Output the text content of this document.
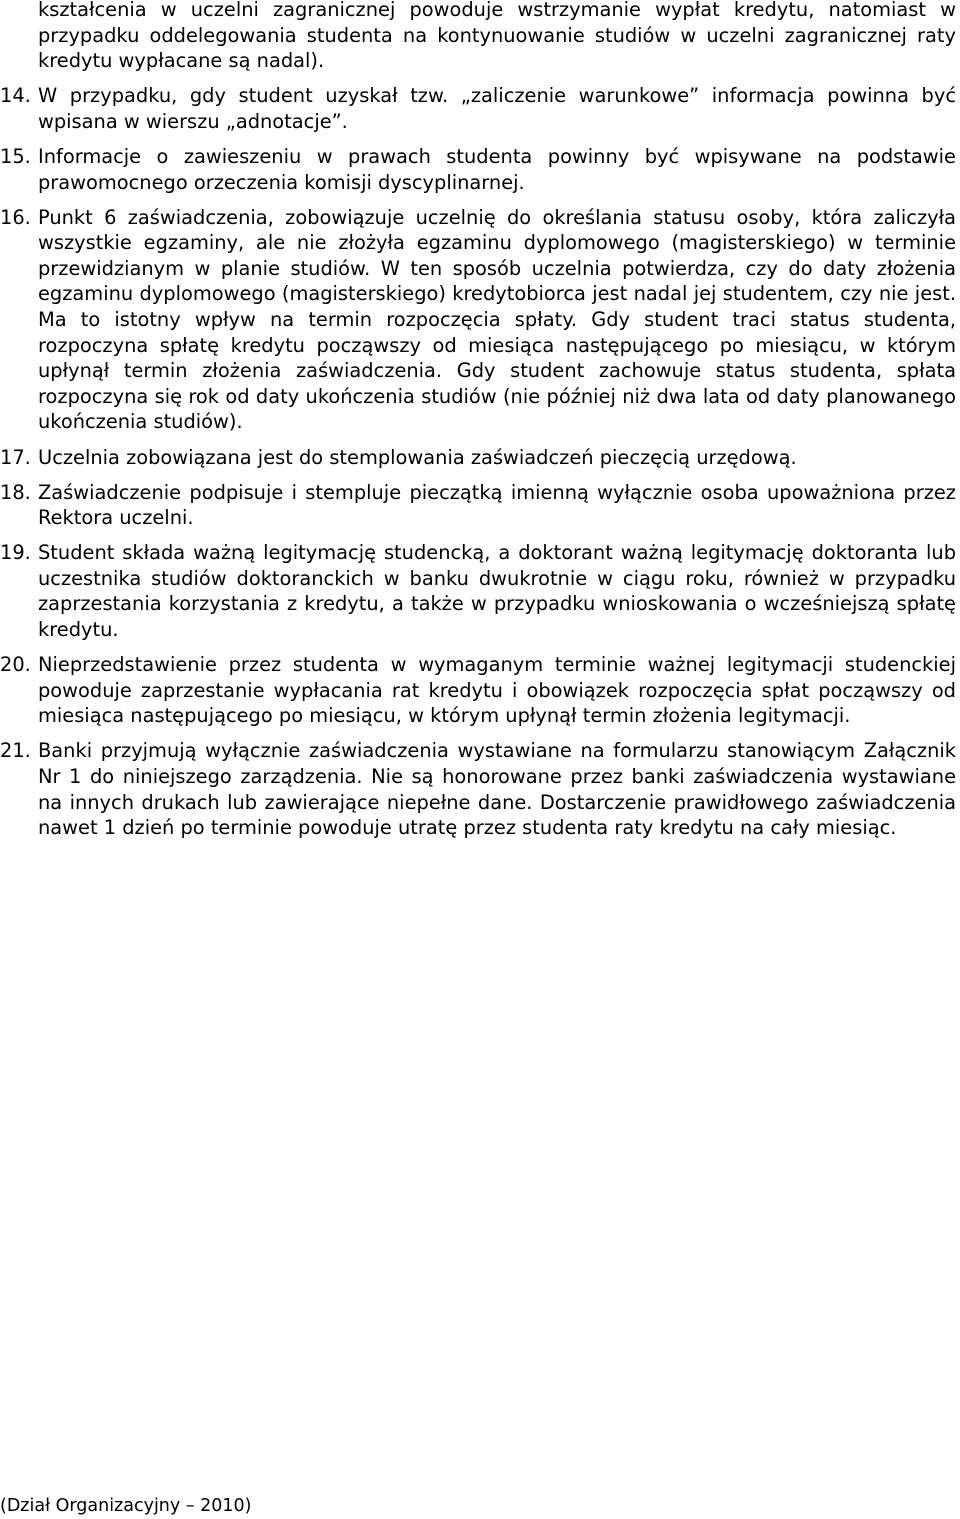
kształcenia w uczelni zagranicznej powoduje wstrzymanie wypłat kredytu, natomiast w przypadku oddelegowania studenta na kontynuowanie studiów w uczelni zagranicznej raty kredytu wypłacane są nadal).
14. W przypadku, gdy student uzyskał tzw. „zaliczenie warunkowe” informacja powinna być wpisana w wierszu „adnotacje”.
15. Informacje o zawieszeniu w prawach studenta powinny być wpisywane na podstawie prawomocnego orzeczenia komisji dyscyplinarnej.
16. Punkt 6 zaświadczenia, zobowiązuje uczelnię do określania statusu osoby, która zaliczyła wszystkie egzaminy, ale nie złożyła egzaminu dyplomowego (magisterskiego) w terminie przewidzianym w planie studiów. W ten sposób uczelnia potwierdza, czy do daty złożenia egzaminu dyplomowego (magisterskiego) kredytobiorca jest nadal jej studentem, czy nie jest. Ma to istotny wpływ na termin rozpoczęcia spłaty. Gdy student traci status studenta, rozpoczyna spłatę kredytu począwszy od miesiąca następującego po miesiącu, w którym upłynął termin złożenia zaświadczenia. Gdy student zachowuje status studenta, spłata rozpoczyna się rok od daty ukończenia studiów (nie później niż dwa lata od daty planowanego ukończenia studiów).
17. Uczelnia zobowiązana jest do stemplowania zaświadczeń pieczęcią urzędową.
18. Zaświadczenie podpisuje i stempluje pieczątką imienną wyłącznie osoba upoważniona przez Rektora uczelni.
19. Student składa ważną legitymację studencką, a doktorant ważną legitymację doktoranta lub uczestnika studiów doktoranckich w banku dwukrotnie w ciągu roku, również w przypadku zaprzestania korzystania z kredytu, a także w przypadku wnioskowania o wcześniejszą spłatę kredytu.
20. Nieprzedstawienie przez studenta w wymaganym terminie ważnej legitymacji studenckiej powoduje zaprzestanie wypłacania rat kredytu i obowiązek rozpoczęcia spłat począwszy od miesiąca następującego po miesiącu, w którym upłynął termin złożenia legitymacji.
21. Banki przyjmują wyłącznie zaświadczenia wystawiane na formularzu stanowiącym Załącznik Nr 1 do niniejszego zarządzenia. Nie są honorowane przez banki zaświadczenia wystawiane na innych drukach lub zawierające niepełne dane. Dostarczenie prawidłowego zaświadczenia nawet 1 dzień po terminie powoduje utratę przez studenta raty kredytu na cały miesiąc.
(Dział Organizacyjny – 2010)
